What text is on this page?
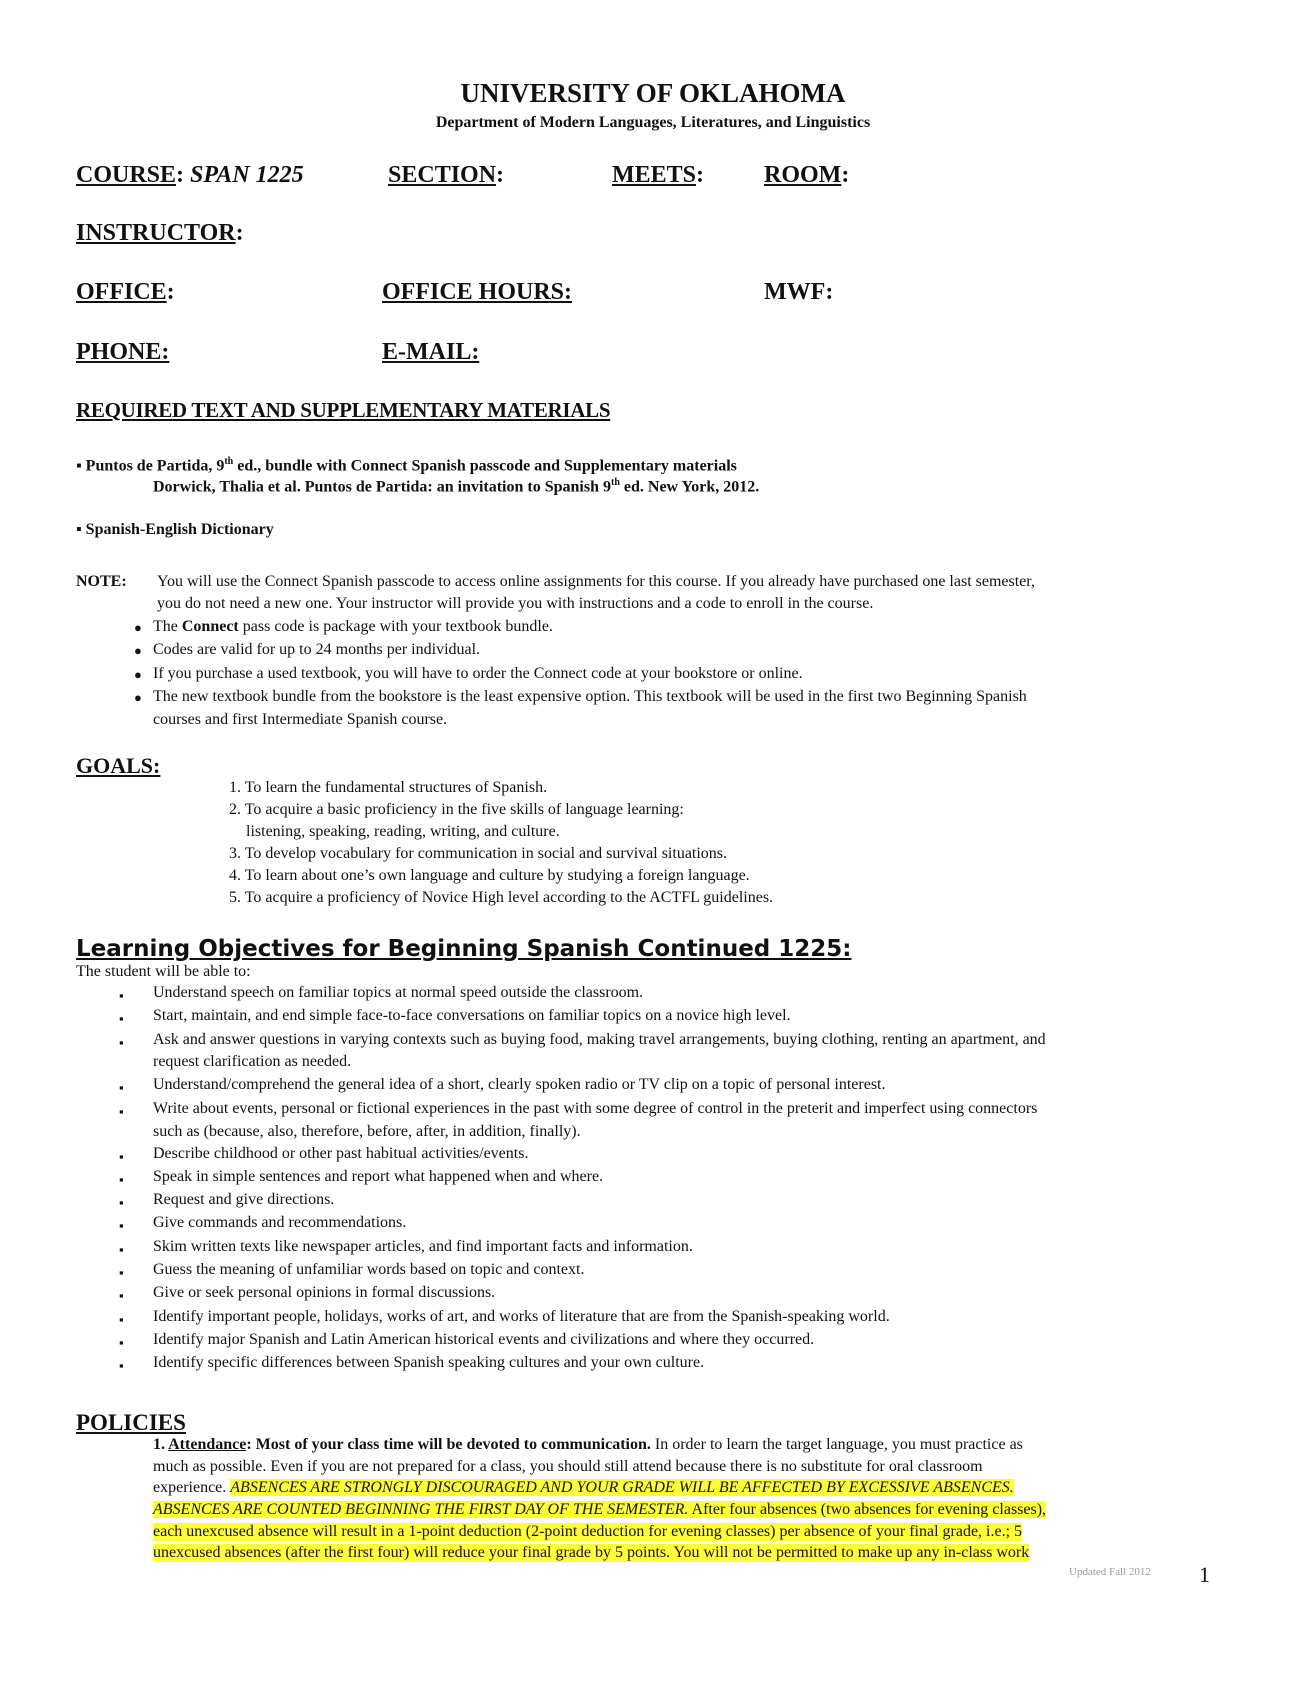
UNIVERSITY OF OKLAHOMA
Department of Modern Languages, Literatures, and Linguistics
COURSE: SPAN 1225	SECTION:	MEETS: ROOM:
INSTRUCTOR:
OFFICE:	OFFICE HOURS:	MWF:
PHONE:	E-MAIL:
REQUIRED TEXT AND SUPPLEMENTARY MATERIALS
▪ Puntos de Partida, 9th ed., bundle with Connect Spanish passcode and Supplementary materials
Dorwick, Thalia et al. Puntos de Partida: an invitation to Spanish 9th ed. New York, 2012.
▪ Spanish-English Dictionary
NOTE: You will use the Connect Spanish passcode to access online assignments for this course. If you already have purchased one last semester,
you do not need a new one. Your instructor will provide you with instructions and a code to enroll in the course.
● The Connect pass code is package with your textbook bundle.
● Codes are valid for up to 24 months per individual.
● If you purchase a used textbook, you will have to order the Connect code at your bookstore or online.
● The new textbook bundle from the bookstore is the least expensive option. This textbook will be used in the first two Beginning Spanish
courses and first Intermediate Spanish course.
GOALS:
1. To learn the fundamental structures of Spanish.
2. To acquire a basic proficiency in the five skills of language learning:
listening, speaking, reading, writing, and culture.
3. To develop vocabulary for communication in social and survival situations.
4. To learn about one’s own language and culture by studying a foreign language.
5. To acquire a proficiency of Novice High level according to the ACTFL guidelines.
Learning Objectives for Beginning Spanish Continued 1225:
The student will be able to:
▪ Understand speech on familiar topics at normal speed outside the classroom.
▪ Start, maintain, and end simple face-to-face conversations on familiar topics on a novice high level.
▪ Ask and answer questions in varying contexts such as buying food, making travel arrangements, buying clothing, renting an apartment, and
request clarification as needed.
▪ Understand/comprehend the general idea of a short, clearly spoken radio or TV clip on a topic of personal interest.
▪ Write about events, personal or fictional experiences in the past with some degree of control in the preterit and imperfect using connectors
such as (because, also, therefore, before, after, in addition, finally).
▪ Describe childhood or other past habitual activities/events.
▪ Speak in simple sentences and report what happened when and where.
▪ Request and give directions.
▪ Give commands and recommendations.
▪ Skim written texts like newspaper articles, and find important facts and information.
▪ Guess the meaning of unfamiliar words based on topic and context.
▪ Give or seek personal opinions in formal discussions.
▪ Identify important people, holidays, works of art, and works of literature that are from the Spanish-speaking world.
▪ Identify major Spanish and Latin American historical events and civilizations and where they occurred.
▪ Identify specific differences between Spanish speaking cultures and your own culture.
POLICIES
1. Attendance: Most of your class time will be devoted to communication. In order to learn the target language, you must practice as
much as possible. Even if you are not prepared for a class, you should still attend because there is no substitute for oral classroom
experience. ABSENCES ARE STRONGLY DISCOURAGED AND YOUR GRADE WILL BE AFFECTED BY EXCESSIVE ABSENCES.
ABSENCES ARE COUNTED BEGINNING THE FIRST DAY OF THE SEMESTER. After four absences (two absences for evening classes),
each unexcused absence will result in a 1-point deduction (2-point deduction for evening classes) per absence of your final grade, i.e.; 5
unexcused absences (after the first four) will reduce your final grade by 5 points. You will not be permitted to make up any in-class work
Updated Fall 2012 1
